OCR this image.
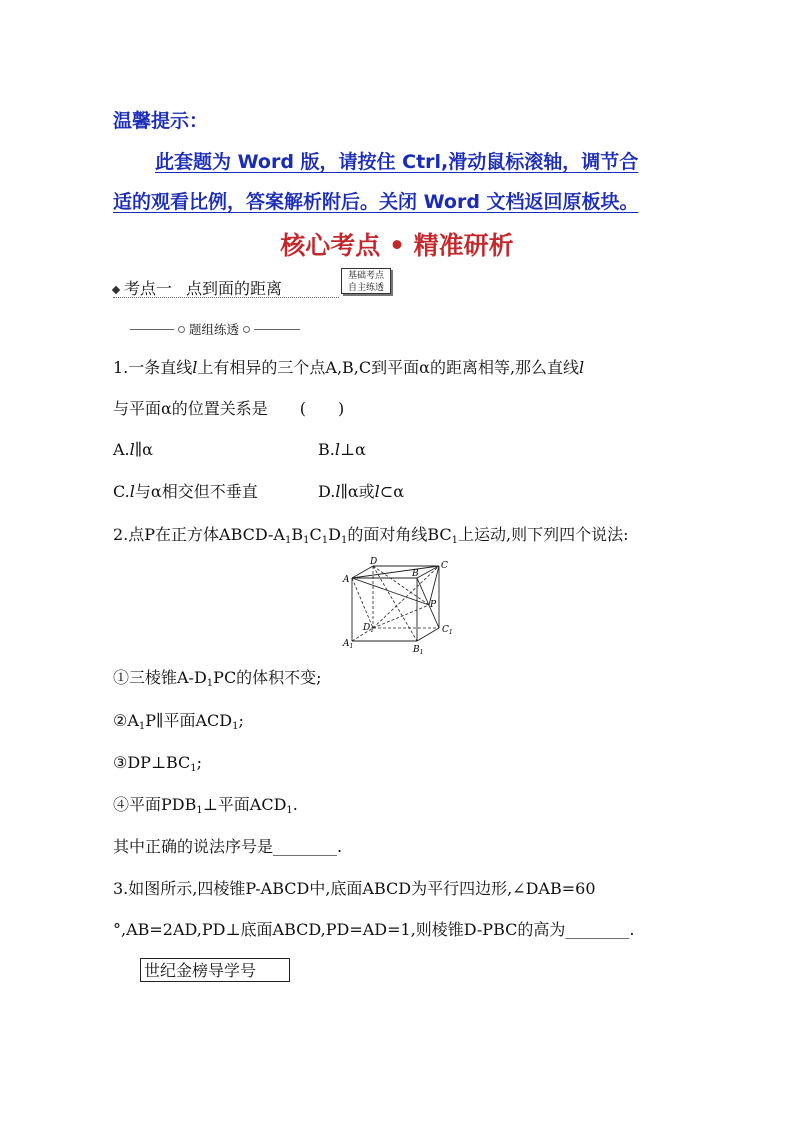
温馨提示：
此套题为 Word 版，请按住 Ctrl,滑动鼠标滚轴，调节合
适的观看比例，答案解析附后。关闭 Word 文档返回原板块。
核心考点 • 精准研析
考点一 点到面的距离
基础考点
自主练透
题组练透
1.一条直线l上有相异的三个点A,B,C到平面α的距离相等,那么直线l
与平面α的位置关系是　　(　　)
A.l∥α	B.l⊥α
C.l与α相交但不垂直	D.l∥α或l⊂α
2.点P在正方体ABCD-$A_1B_1C_1D_1$的面对角线$BC_1$上运动,则下列四个说法:
D	C
A
B
P
$D_1$	$C_1$
$A_1$	$B_1$
①三棱锥$A-D_1PC$的体积不变;
$②A_1P\parallel$平面$ACD_1$;
$③DP\perp BC_1$;
④平面$PDB_1\perp$平面$ACD_1$.
其中正确的说法序号是________.
3.如图所示,四棱锥P-ABCD中,底面ABCD为平行四边形,∠DAB=60
°,AB=2AD,PD⊥底面ABCD,PD=AD=1,则棱锥D-PBC的高为________.
世纪金榜导学号
